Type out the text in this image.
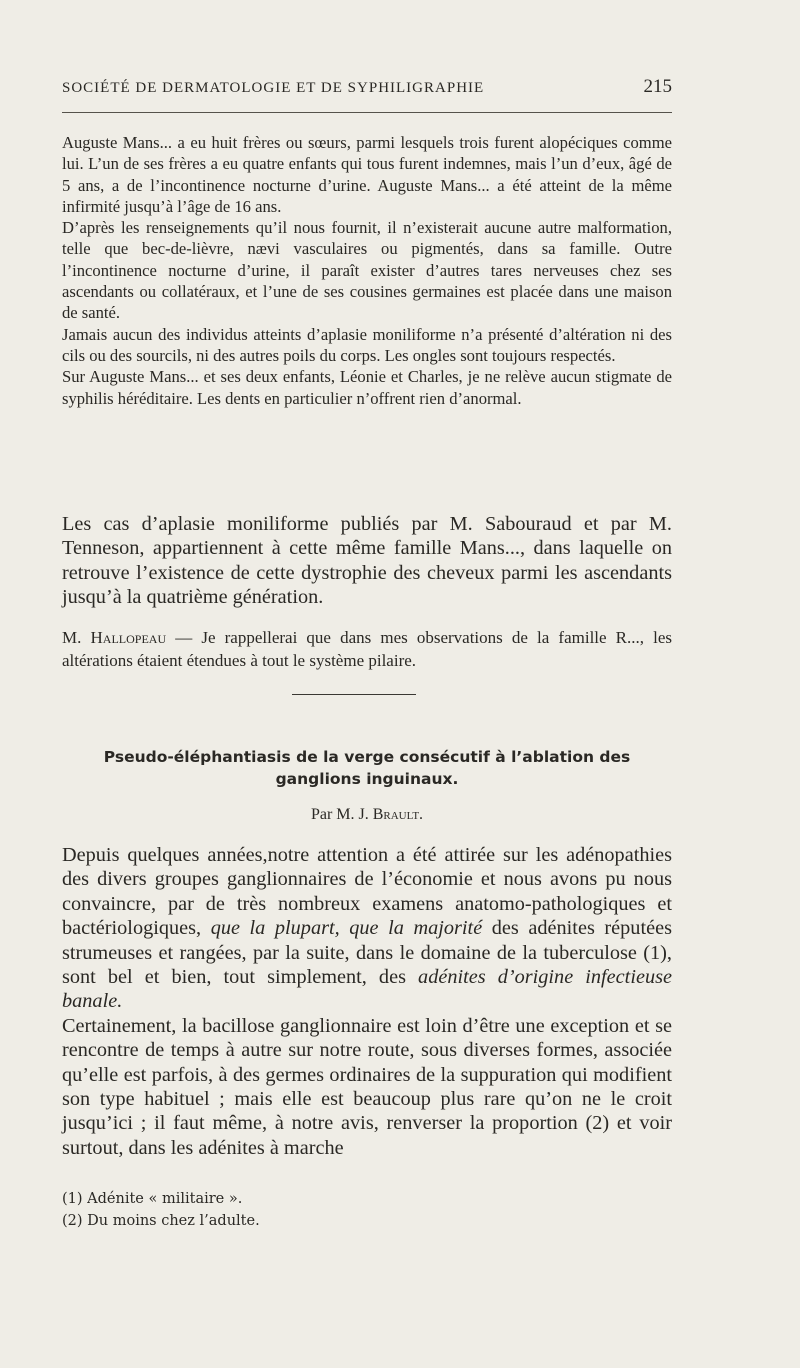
SOCIÉTÉ DE DERMATOLOGIE ET DE SYPHILIGRAPHIE	215

Auguste Mans... a eu huit frères ou sœurs, parmi lesquels trois furent alopéciques comme lui. L’un de ses frères a eu quatre enfants qui tous furent indemnes, mais l’un d’eux, âgé de 5 ans, a de l’incontinence nocturne d’urine. Auguste Mans... a été atteint de la même infirmité jusqu’à l’âge de 16 ans.

D’après les renseignements qu’il nous fournit, il n’existerait aucune autre malformation, telle que bec-de-lièvre, nævi vasculaires ou pigmentés, dans sa famille. Outre l’incontinence nocturne d’urine, il paraît exister d’autres tares nerveuses chez ses ascendants ou collatéraux, et l’une de ses cousines germaines est placée dans une maison de santé.

Jamais aucun des individus atteints d’aplasie moniliforme n’a présenté d’altération ni des cils ou des sourcils, ni des autres poils du corps. Les ongles sont toujours respectés.

Sur Auguste Mans... et ses deux enfants, Léonie et Charles, je ne relève aucun stigmate de syphilis héréditaire. Les dents en particulier n’offrent rien d’anormal.

Les cas d’aplasie moniliforme publiés par M. Sabouraud et par M. Tenneson, appartiennent à cette même famille Mans..., dans laquelle on retrouve l’existence de cette dystrophie des cheveux parmi les ascendants jusqu’à la quatrième génération.

M. Hallopeau — Je rappellerai que dans mes observations de la famille R..., les altérations étaient étendues à tout le système pilaire.

Pseudo-éléphantiasis de la verge consécutif à l’ablation des
ganglions inguinaux.
Par M. J. Brault.

Depuis quelques années,notre attention a été attirée sur les adénopathies des divers groupes ganglionnaires de l’économie et nous avons pu nous convaincre, par de très nombreux examens anatomo-pathologiques et bactériologiques, que la plupart, que la majorité des adénites réputées strumeuses et rangées, par la suite, dans le domaine de la tuberculose (1), sont bel et bien, tout simplement, des adénites d’origine infectieuse banale.

Certainement, la bacillose ganglionnaire est loin d’être une exception et se rencontre de temps à autre sur notre route, sous diverses formes, associée qu’elle est parfois, à des germes ordinaires de la suppuration qui modifient son type habituel ; mais elle est beaucoup plus rare qu’on ne le croit jusqu’ici ; il faut même, à notre avis, renverser la proportion (2) et voir surtout, dans les adénites à marche

(1) Adénite « militaire ».
(2) Du moins chez l’adulte.
